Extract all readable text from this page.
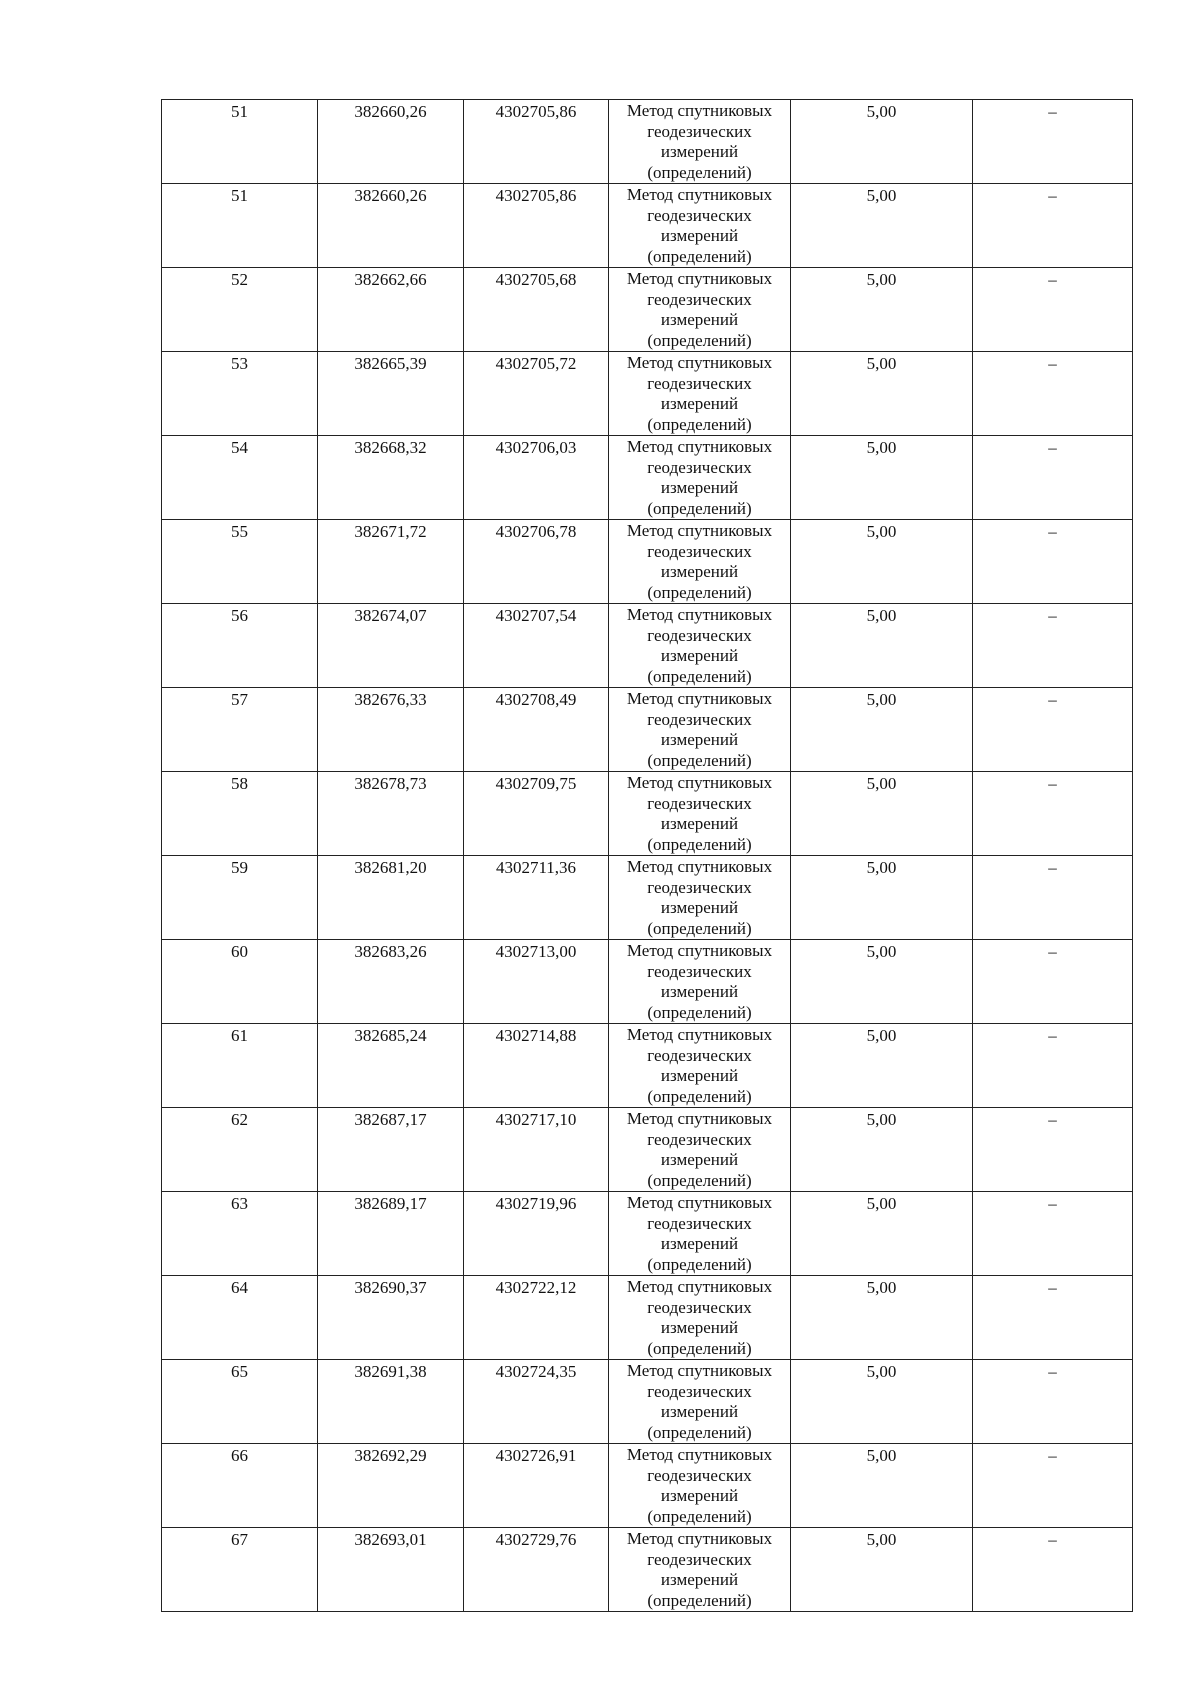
51	382660,26	4302705,86	Метод спутниковых
геодезических
измерений
(определений)	5,00	–
51	382660,26	4302705,86	Метод спутниковых
геодезических
измерений
(определений)	5,00	–
52	382662,66	4302705,68	Метод спутниковых
геодезических
измерений
(определений)	5,00	–
53	382665,39	4302705,72	Метод спутниковых
геодезических
измерений
(определений)	5,00	–
54	382668,32	4302706,03	Метод спутниковых
геодезических
измерений
(определений)	5,00	–
55	382671,72	4302706,78	Метод спутниковых
геодезических
измерений
(определений)	5,00	–
56	382674,07	4302707,54	Метод спутниковых
геодезических
измерений
(определений)	5,00	–
57	382676,33	4302708,49	Метод спутниковых
геодезических
измерений
(определений)	5,00	–
58	382678,73	4302709,75	Метод спутниковых
геодезических
измерений
(определений)	5,00	–
59	382681,20	4302711,36	Метод спутниковых
геодезических
измерений
(определений)	5,00	–
60	382683,26	4302713,00	Метод спутниковых
геодезических
измерений
(определений)	5,00	–
61	382685,24	4302714,88	Метод спутниковых
геодезических
измерений
(определений)	5,00	–
62	382687,17	4302717,10	Метод спутниковых
геодезических
измерений
(определений)	5,00	–
63	382689,17	4302719,96	Метод спутниковых
геодезических
измерений
(определений)	5,00	–
64	382690,37	4302722,12	Метод спутниковых
геодезических
измерений
(определений)	5,00	–
65	382691,38	4302724,35	Метод спутниковых
геодезических
измерений
(определений)	5,00	–
66	382692,29	4302726,91	Метод спутниковых
геодезических
измерений
(определений)	5,00	–
67	382693,01	4302729,76	Метод спутниковых
геодезических
измерений
(определений)	5,00	–
